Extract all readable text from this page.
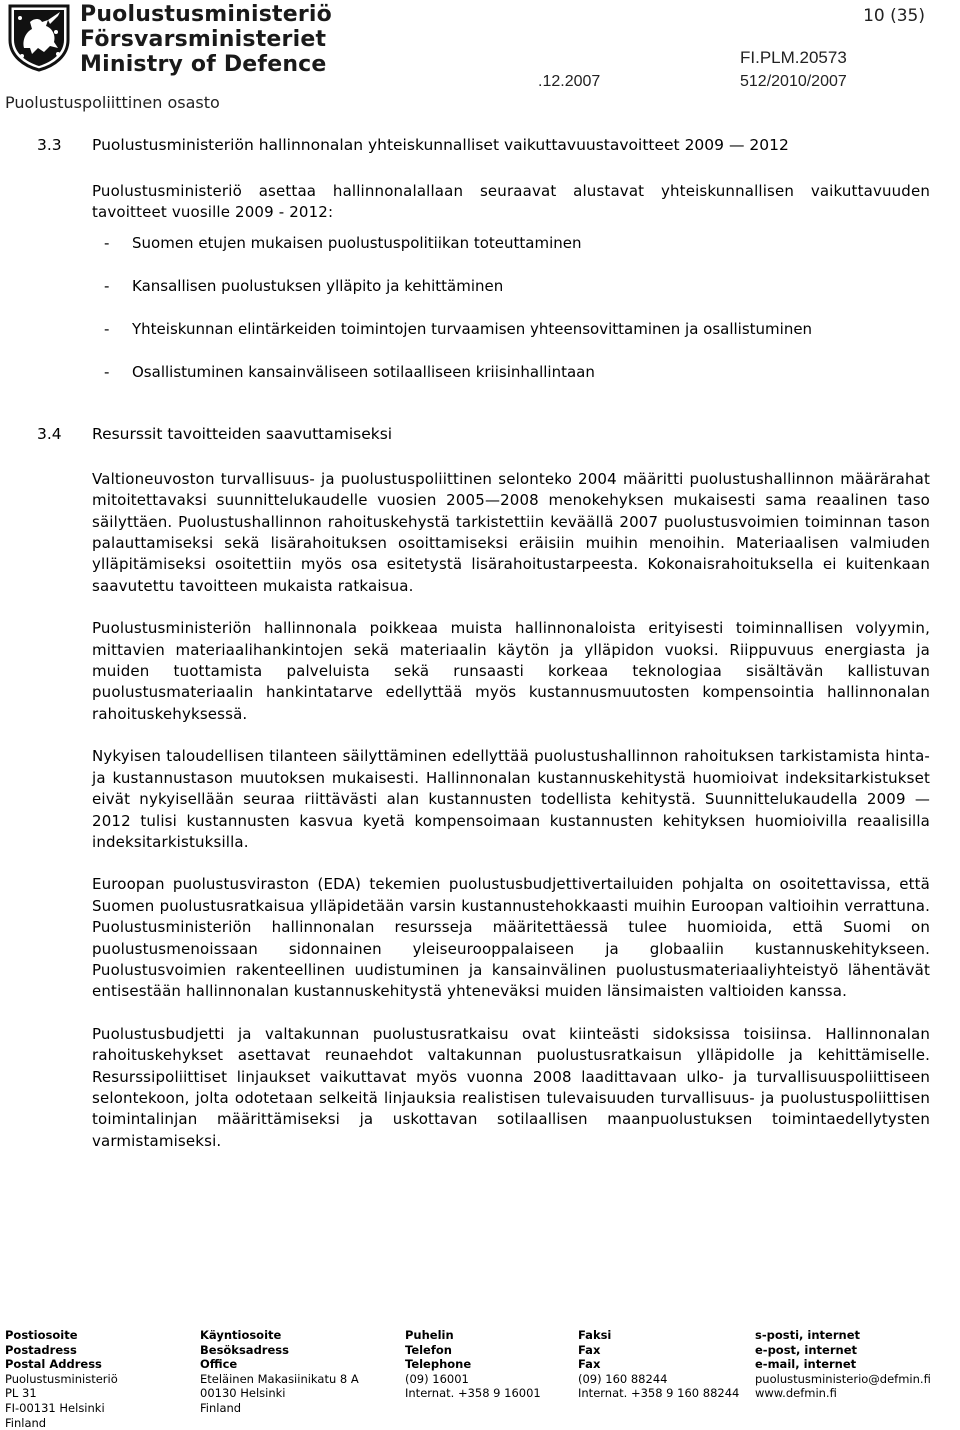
Puolustusministeriö
Försvarsministeriet
Ministry of Defence
Puolustuspoliittinen osasto
10 (35)
FI.PLM.20573
.12.2007	512/2010/2007
3.3	Puolustusministeriön hallinnonalan yhteiskunnalliset vaikuttavuustavoitteet 2009 — 2012

Puolustusministeriö asettaa hallinnonalallaan seuraavat alustavat yhteiskunnallisen vaikuttavuuden tavoitteet vuosille 2009 - 2012:

-	Suomen etujen mukaisen puolustuspolitiikan toteuttaminen
-	Kansallisen puolustuksen ylläpito ja kehittäminen
-	Yhteiskunnan elintärkeiden toimintojen turvaamisen yhteensovittaminen ja osallistuminen
-	Osallistuminen kansainväliseen sotilaalliseen kriisinhallintaan
3.4	Resurssit tavoitteiden saavuttamiseksi

Valtioneuvoston turvallisuus- ja puolustuspoliittinen selonteko 2004 määritti puolustushallinnon määrärahat mitoitettavaksi suunnittelukaudelle vuosien 2005—2008 menokehyksen mukaisesti sama reaalinen taso säilyttäen. Puolustushallinnon rahoituskehystä tarkistettiin keväällä 2007 puolustusvoimien toiminnan tason palauttamiseksi sekä lisärahoituksen osoittamiseksi eräisiin muihin menoihin. Materiaalisen valmiuden ylläpitämiseksi osoitettiin myös osa esitetystä lisärahoitustarpeesta. Kokonaisrahoituksella ei kuitenkaan saavutettu tavoitteen mukaista ratkaisua.

Puolustusministeriön hallinnonala poikkeaa muista hallinnonaloista erityisesti toiminnallisen volyymin, mittavien materiaalihankintojen sekä materiaalin käytön ja ylläpidon vuoksi. Riippuvuus energiasta ja muiden tuottamista palveluista sekä runsaasti korkeaa teknologiaa sisältävän kallistuvan puolustusmateriaalin hankintatarve edellyttää myös kustannusmuutosten kompensointia hallinnonalan rahoituskehyksessä.

Nykyisen taloudellisen tilanteen säilyttäminen edellyttää puolustushallinnon rahoituksen tarkistamista hinta- ja kustannustason muutoksen mukaisesti. Hallinnonalan kustannuskehitystä huomioivat indeksitarkistukset eivät nykyisellään seuraa riittävästi alan kustannusten todellista kehitystä. Suunnittelukaudella 2009 — 2012 tulisi kustannusten kasvua kyetä kompensoimaan kustannusten kehityksen huomioivilla reaalisilla indeksitarkistuksilla.

Euroopan puolustusviraston (EDA) tekemien puolustusbudjettivertailuiden pohjalta on osoitettavissa, että Suomen puolustusratkaisua ylläpidetään varsin kustannustehokkaasti muihin Euroopan valtioihin verrattuna. Puolustusministeriön hallinnonalan resursseja määritettäessä tulee huomioida, että Suomi on puolustusmenoissaan sidonnainen yleiseurooppalaiseen ja globaaliin kustannuskehitykseen. Puolustusvoimien rakenteellinen uudistuminen ja kansainvälinen puolustusmateriaaliyhteistyö lähentävät entisestään hallinnonalan kustannuskehitystä yhteneväksi muiden länsimaisten valtioiden kanssa.

Puolustusbudjetti ja valtakunnan puolustusratkaisu ovat kiinteästi sidoksissa toisiinsa. Hallinnonalan rahoituskehykset asettavat reunaehdot valtakunnan puolustusratkaisun ylläpidolle ja kehittämiselle. Resurssipoliittiset linjaukset vaikuttavat myös vuonna 2008 laadittavaan ulko- ja turvallisuuspoliittiseen selontekoon, jolta odotetaan selkeitä linjauksia realistisen tulevaisuuden turvallisuus- ja puolustuspoliittisen toimintalinjan määrittämiseksi ja uskottavan sotilaallisen maanpuolustuksen toimintaedellytysten varmistamiseksi.

Postiosoite
Postadress
Postal Address
Puolustusministeriö
PL 31
FI-00131 Helsinki
Finland
Käyntiosoite
Besöksadress
Office
Eteläinen Makasiinikatu 8 A
00130 Helsinki
Finland
Puhelin
Telefon
Telephone
(09) 16001
Internat. +358 9 16001
Faksi
Fax
Fax
(09) 160 88244
Internat. +358 9 160 88244
s-posti, internet
e-post, internet
e-mail, internet
puolustusministerio@defmin.fi
www.defmin.fi
